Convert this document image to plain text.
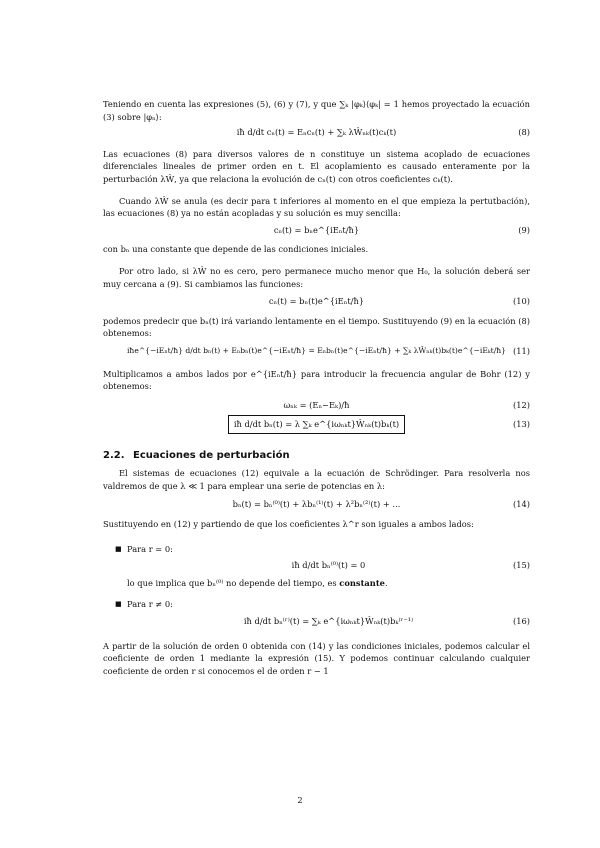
Teniendo en cuenta las expresiones (5), (6) y (7), y que ∑ₖ |φₖ⟩⟨φₖ| = 1 hemos proyectado la ecuación (3) sobre |φₙ⟩:

iħ d/dt cₙ(t) = Eₙcₙ(t) + ∑ₖ λŴₙₖ(t)cₖ(t)	(8)

Las ecuaciones (8) para diversos valores de n constituye un sistema acoplado de ecuaciones diferenciales lineales de primer orden en t. El acoplamiento es causado enteramente por la perturbación λŴ, ya que relaciona la evolución de cₙ(t) con otros coeficientes cₖ(t).

Cuando λŴ se anula (es decir para t inferiores al momento en el que empieza la pertutbación), las ecuaciones (8) ya no están acopladas y su solución es muy sencilla:

cₙ(t) = bₙe^{iEₙt/ħ}	(9)

con bₙ una constante que depende de las condiciones iniciales.

Por otro lado, si λŴ no es cero, pero permanece mucho menor que H₀, la solución deberá ser muy cercana a (9). Si cambiamos las funciones:

cₙ(t) = bₙ(t)e^{iEₙt/ħ}	(10)

podemos predecir que bₙ(t) irá variando lentamente en el tiempo. Sustituyendo (9) en la ecuación (8) obtenemos:

iħe^{−iEₙt/ħ} d/dt bₙ(t) + Eₙbₙ(t)e^{−iEₙt/ħ} = Eₙbₙ(t)e^{−iEₙt/ħ} + ∑ₖ λŴₙₖ(t)bₖ(t)e^{−iEₖt/ħ} (11)

Multiplicamos a ambos lados por e^{iEₙt/ħ} para introducir la frecuencia angular de Bohr (12) y obtenemos:

ωₙₖ = (Eₙ−Eₖ)/ħ	(12)
iħ d/dt bₙ(t) = λ ∑ₖ e^{iωₙₖt}Ŵₙₖ(t)bₖ(t)	(13)
2.2. Ecuaciones de perturbación

El sistemas de ecuaciones (12) equivale a la ecuación de Schrödinger. Para resolverla nos valdremos de que λ ≪ 1 para emplear una serie de potencias en λ:

bₙ(t) = bₙ⁽⁰⁾(t) + λbₙ⁽¹⁾(t) + λ²bₙ⁽²⁾(t) + ...	(14)

Sustituyendo en (12) y partiendo de que los coeficientes λ^r son iguales a ambos lados:

■ Para r = 0:
iħ d/dt bₙ⁽⁰⁾(t) = 0	(15)

lo que implica que bₙ⁽⁰⁾ no depende del tiempo, es constante.

■ Para r ≠ 0:
iħ d/dt bₙ⁽ʳ⁾(t) = ∑ₖ e^{iωₙₖt}Ŵₙₖ(t)bₖ⁽ʳ⁻¹⁾	(16)

A partir de la solución de orden 0 obtenida con (14) y las condiciones iniciales, podemos calcular el coeficiente de orden 1 mediante la expresión (15). Y podemos continuar calculando cualquier coeficiente de orden r si conocemos el de orden r − 1

2
